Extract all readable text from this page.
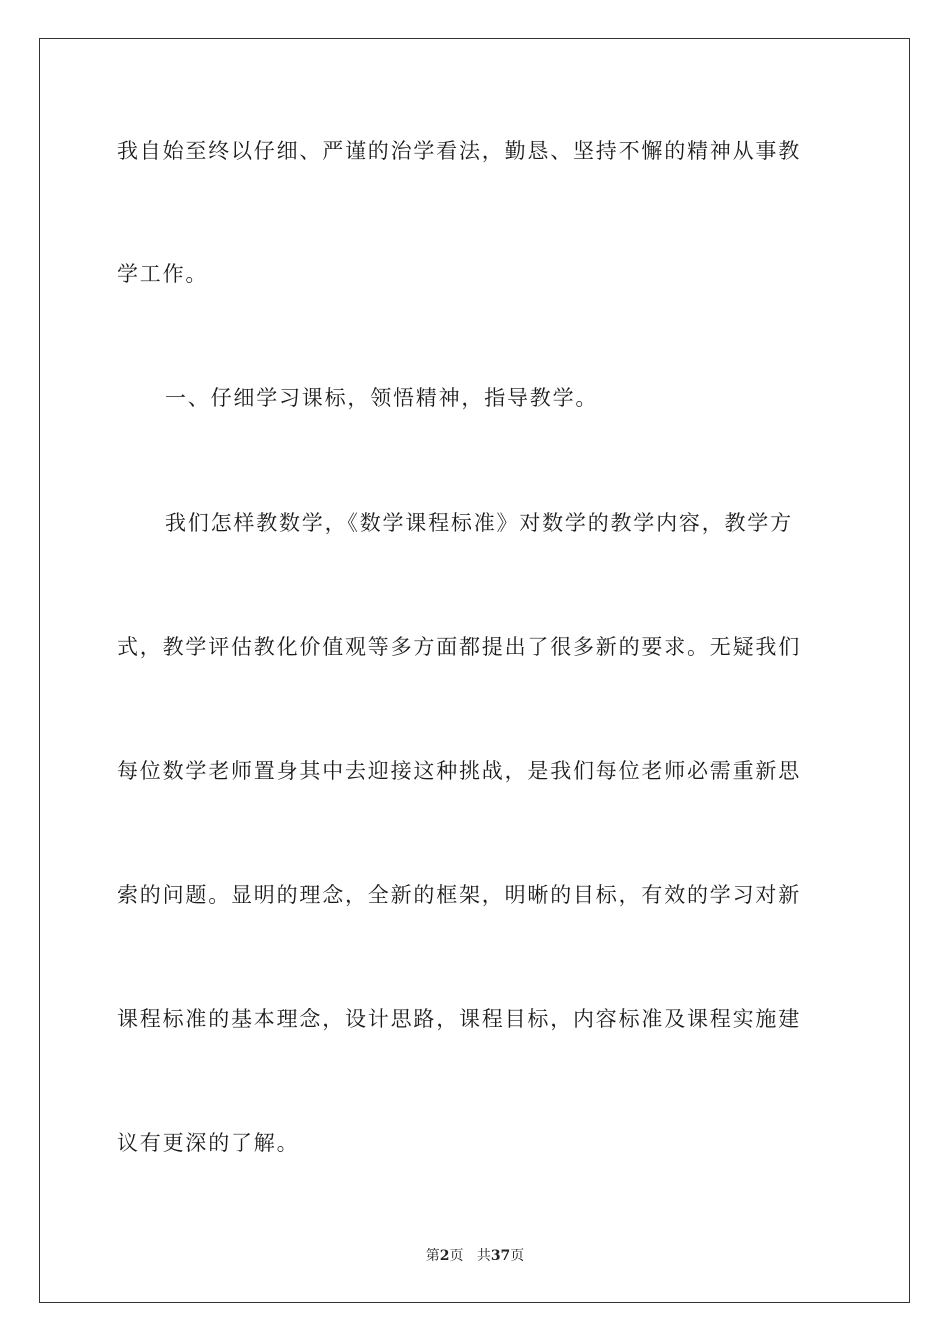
我自始至终以仔细、严谨的治学看法，勤恳、坚持不懈的精神从事教
学工作。
一、仔细学习课标，领悟精神，指导教学。
我们怎样教数学，《数学课程标准》对数学的教学内容，教学方
式，教学评估教化价值观等多方面都提出了很多新的要求。无疑我们
每位数学老师置身其中去迎接这种挑战，是我们每位老师必需重新思
索的问题。显明的理念，全新的框架，明晰的目标，有效的学习对新
课程标准的基本理念，设计思路，课程目标，内容标准及课程实施建
议有更深的了解。
第2页 共37页
